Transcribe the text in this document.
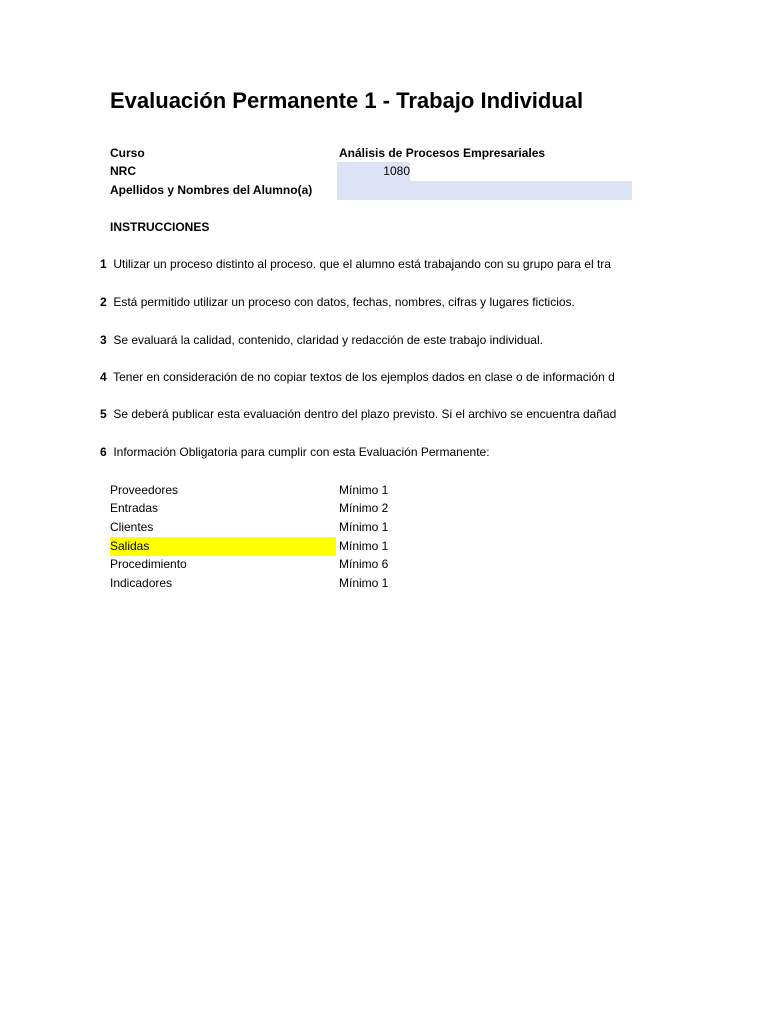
Evaluación Permanente 1 - Trabajo Individual
Curso	Análisis de Procesos Empresariales
NRC	1080
Apellidos y Nombres del Alumno(a)
INSTRUCCIONES
1 Utilizar un proceso distinto al proceso. que el alumno está trabajando con su grupo para el tra
2 Está permitido utilizar un proceso con datos, fechas, nombres, cifras y lugares ficticios.
3 Se evaluará la calidad, contenido, claridad y redacción de este trabajo individual.
4 Tener en consideración de no copiar textos de los ejemplos dados en clase o de información d
5 Se deberá publicar esta evaluación dentro del plazo previsto. Si el archivo se encuentra dañad
6 Información Obligatoria para cumplir con esta Evaluación Permanente:
Proveedores	Mínimo 1
Entradas	Mínimo 2
Clientes	Mínimo 1
Salidas	Mínimo 1
Procedimiento	Mínimo 6
Indicadores	Mínimo 1
